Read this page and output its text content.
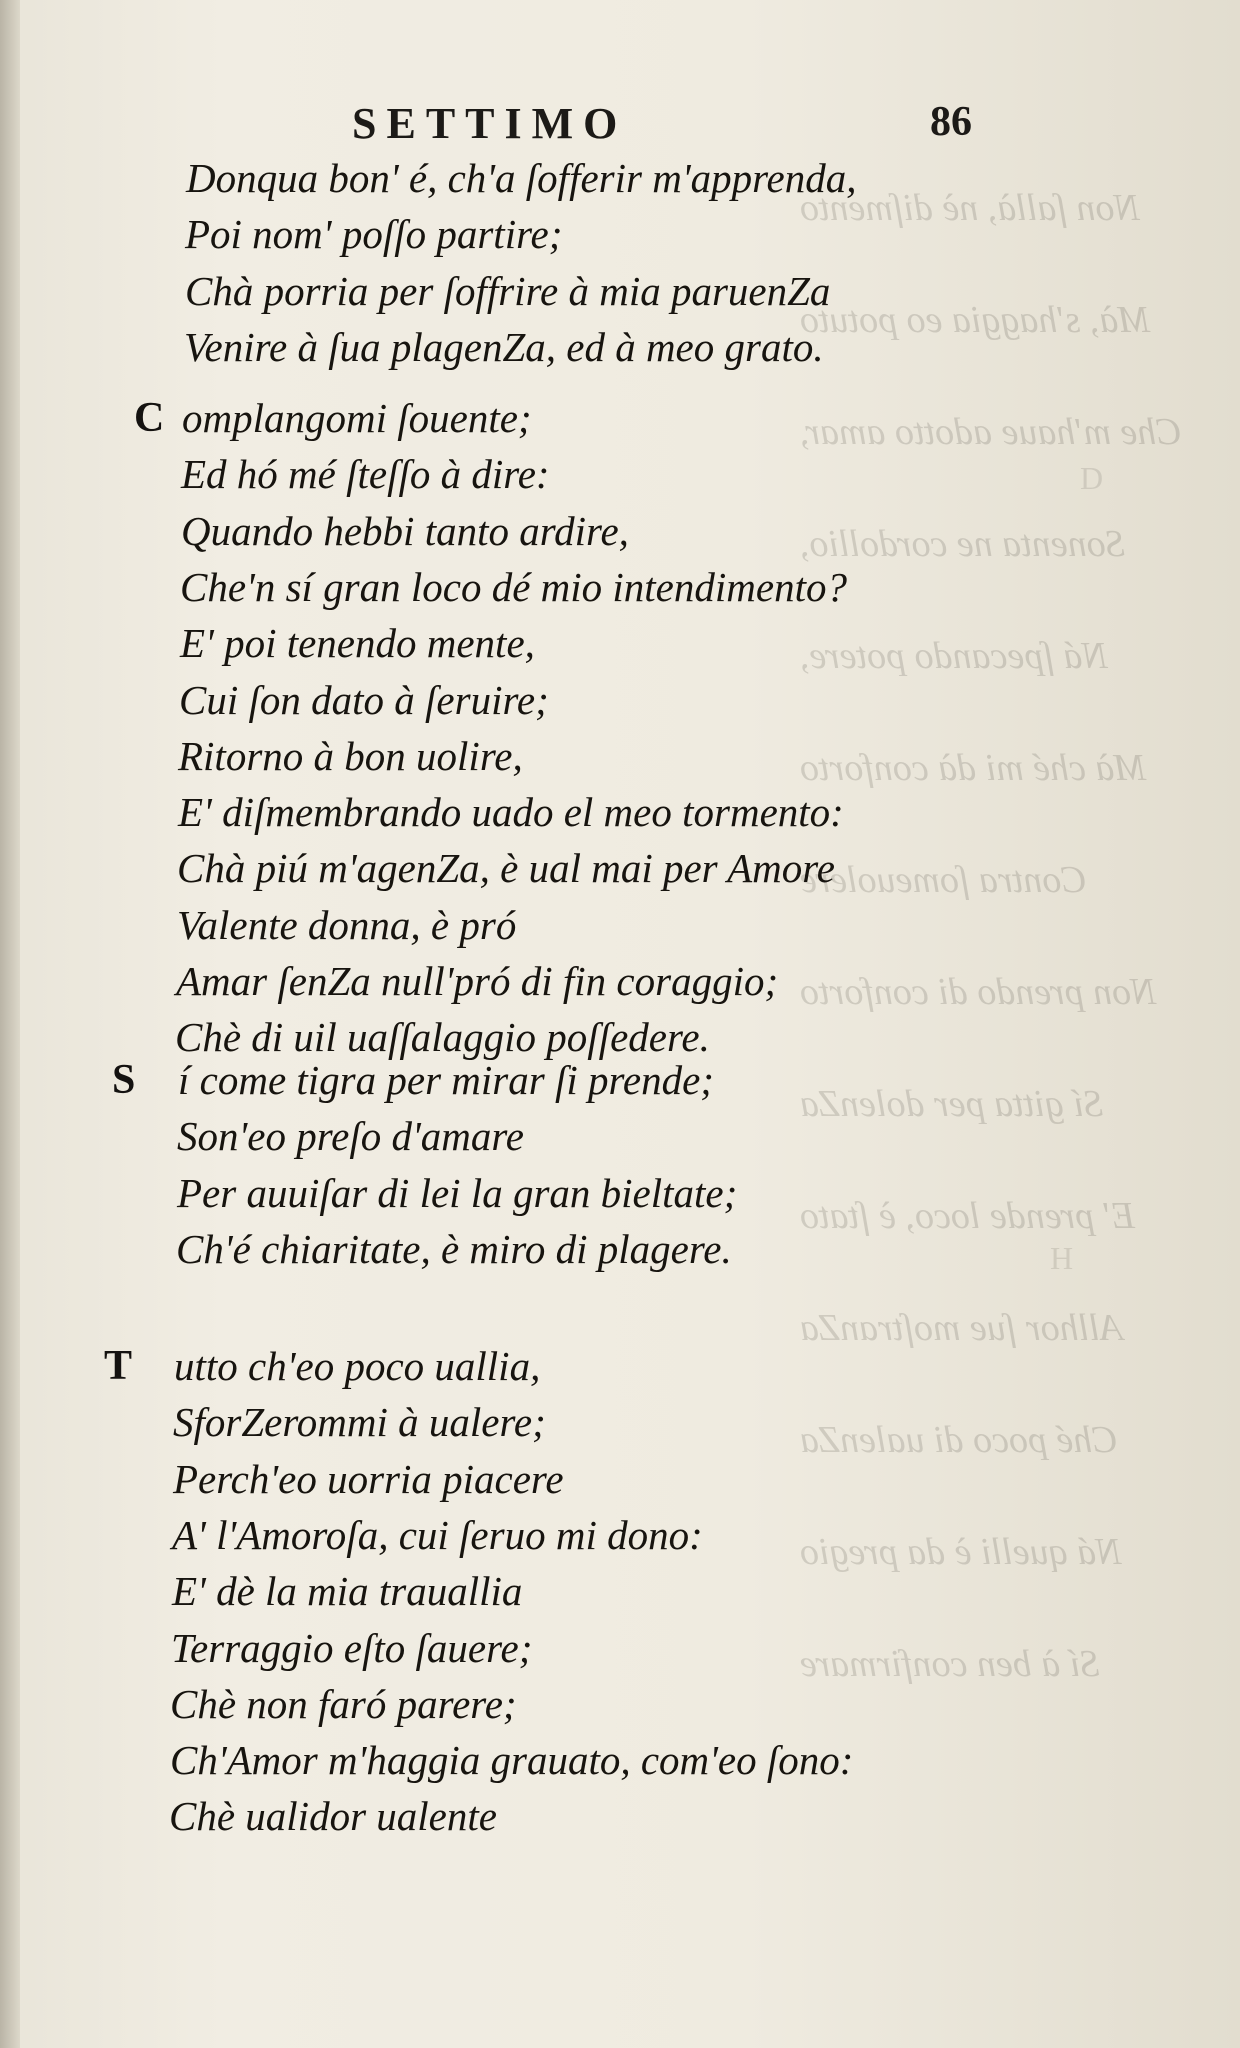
Non ſallà, nè diſmento
Mà, s'haggia eo potuto
Che m'haue adotto amar,
Sonenta ne cordollio,
Ná ſpecando potere,
Mà ché mi dà conforto
Contra ſomeuolere
Non prendo di conforto
Sí gitta per dolenZa
E' prende loco, è ſtato
Allhor ſue moſtranZa
Ché poco di ualenZa
Ná quelli è da pregio
Sí à ben confirmare
D
H
SETTIMO	86
Donqua bon' é, ch'a ſofferir m'apprenda,
Poi nom' poſſo partire;
Chà porria per ſoffrire à mia paruenZa
Venire à ſua plagenZa, ed à meo grato.
C omplangomi ſouente;
Ed hó mé ſteſſo à dire:
Quando hebbi tanto ardire,
Che'n sí gran loco dé mio intendimento?
E' poi tenendo mente,
Cui ſon dato à ſeruire;
Ritorno à bon uolire,
E' diſmembrando uado el meo tormento:
Chà piú m'agenZa, è ual mai per Amore
Valente donna, è pró
Amar ſenZa null'pró di fin coraggio;
Chè di uil uaſſalaggio poſſedere.
S í come tigra per mirar ſi prende;
Son'eo preſo d'amare
Per auuiſar di lei la gran bieltate;
Ch'é chiaritate, è miro di plagere.
T utto ch'eo poco uallia,
SforZerommi à ualere;
Perch'eo uorria piacere
A' l'Amoroſa, cui ſeruo mi dono:
E' dè la mia trauallia
Terraggio eſto ſauere;
Chè non faró parere;
Ch'Amor m'haggia grauato, com'eo ſono:
Chè ualidor ualente
